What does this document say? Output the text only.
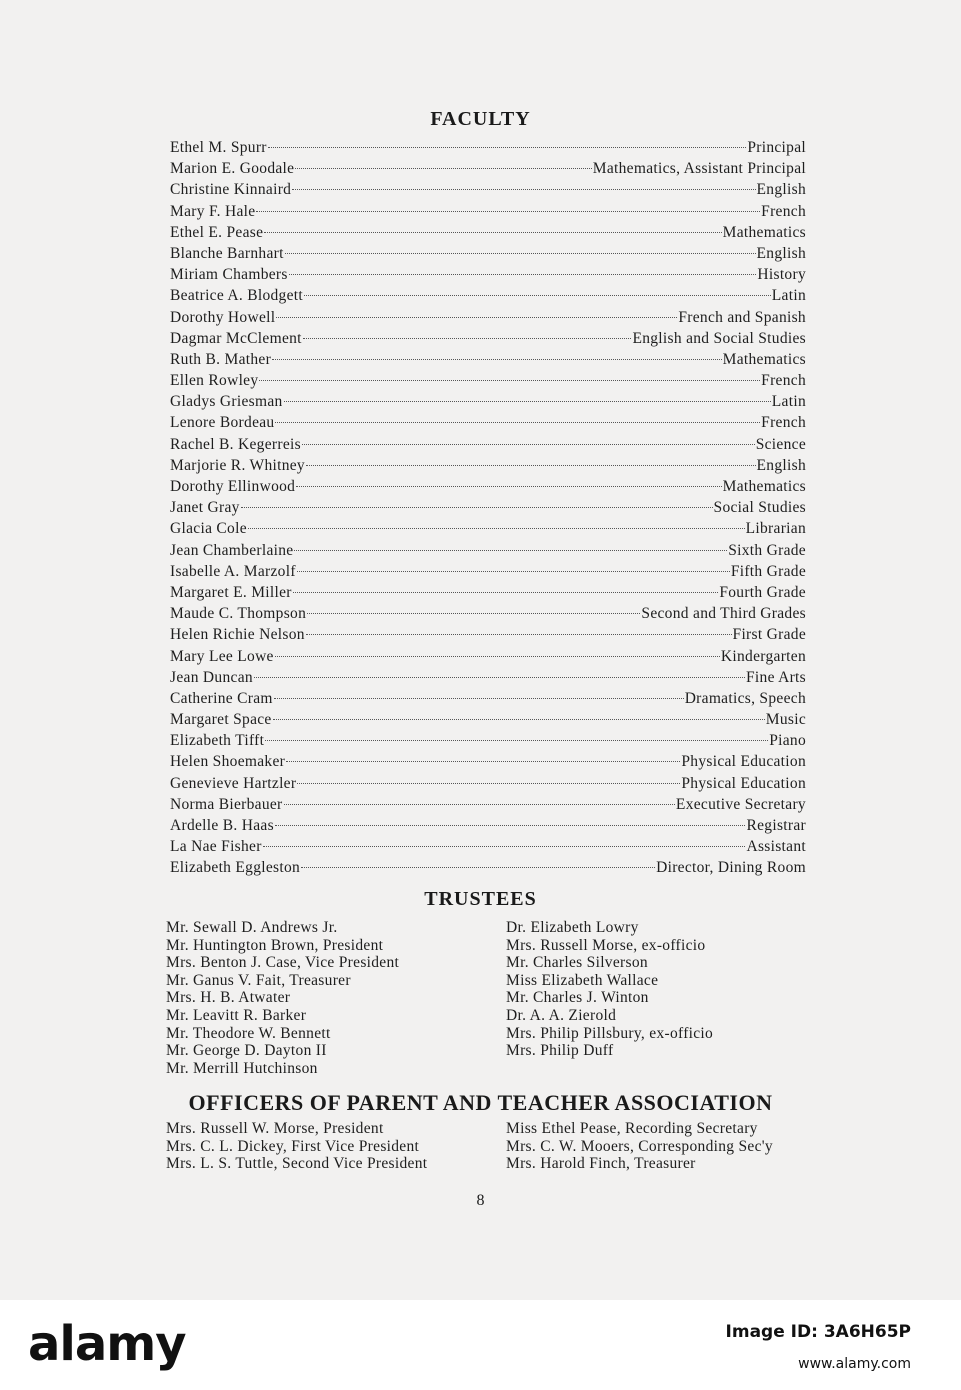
FACULTY
Ethel M. Spurr	Principal
Marion E. Goodale	Mathematics, Assistant Principal
Christine Kinnaird	English
Mary F. Hale	French
Ethel E. Pease	Mathematics
Blanche Barnhart	English
Miriam Chambers	History
Beatrice A. Blodgett	Latin
Dorothy Howell	French and Spanish
Dagmar McClement	English and Social Studies
Ruth B. Mather	Mathematics
Ellen Rowley	French
Gladys Griesman	Latin
Lenore Bordeau	French
Rachel B. Kegerreis	Science
Marjorie R. Whitney	English
Dorothy Ellinwood	Mathematics
Janet Gray	Social Studies
Glacia Cole	Librarian
Jean Chamberlaine	Sixth Grade
Isabelle A. Marzolf	Fifth Grade
Margaret E. Miller	Fourth Grade
Maude C. Thompson	Second and Third Grades
Helen Richie Nelson	First Grade
Mary Lee Lowe	Kindergarten
Jean Duncan	Fine Arts
Catherine Cram	Dramatics, Speech
Margaret Space	Music
Elizabeth Tifft	Piano
Helen Shoemaker	Physical Education
Genevieve Hartzler	Physical Education
Norma Bierbauer	Executive Secretary
Ardelle B. Haas	Registrar
La Nae Fisher	Assistant
Elizabeth Eggleston	Director, Dining Room
TRUSTEES
Mr. Sewall D. Andrews Jr.
Mr. Huntington Brown, President
Mrs. Benton J. Case, Vice President
Mr. Ganus V. Fait, Treasurer
Mrs. H. B. Atwater
Mr. Leavitt R. Barker
Mr. Theodore W. Bennett
Mr. George D. Dayton II
Mr. Merrill Hutchinson
Dr. Elizabeth Lowry
Mrs. Russell Morse, ex-officio
Mr. Charles Silverson
Miss Elizabeth Wallace
Mr. Charles J. Winton
Dr. A. A. Zierold
Mrs. Philip Pillsbury, ex-officio
Mrs. Philip Duff
OFFICERS OF PARENT AND TEACHER ASSOCIATION
Mrs. Russell W. Morse, President
Mrs. C. L. Dickey, First Vice President
Mrs. L. S. Tuttle, Second Vice President
Miss Ethel Pease, Recording Secretary
Mrs. C. W. Mooers, Corresponding Sec'y
Mrs. Harold Finch, Treasurer
8
alamy	Image ID: 3A6H65P
www.alamy.com
